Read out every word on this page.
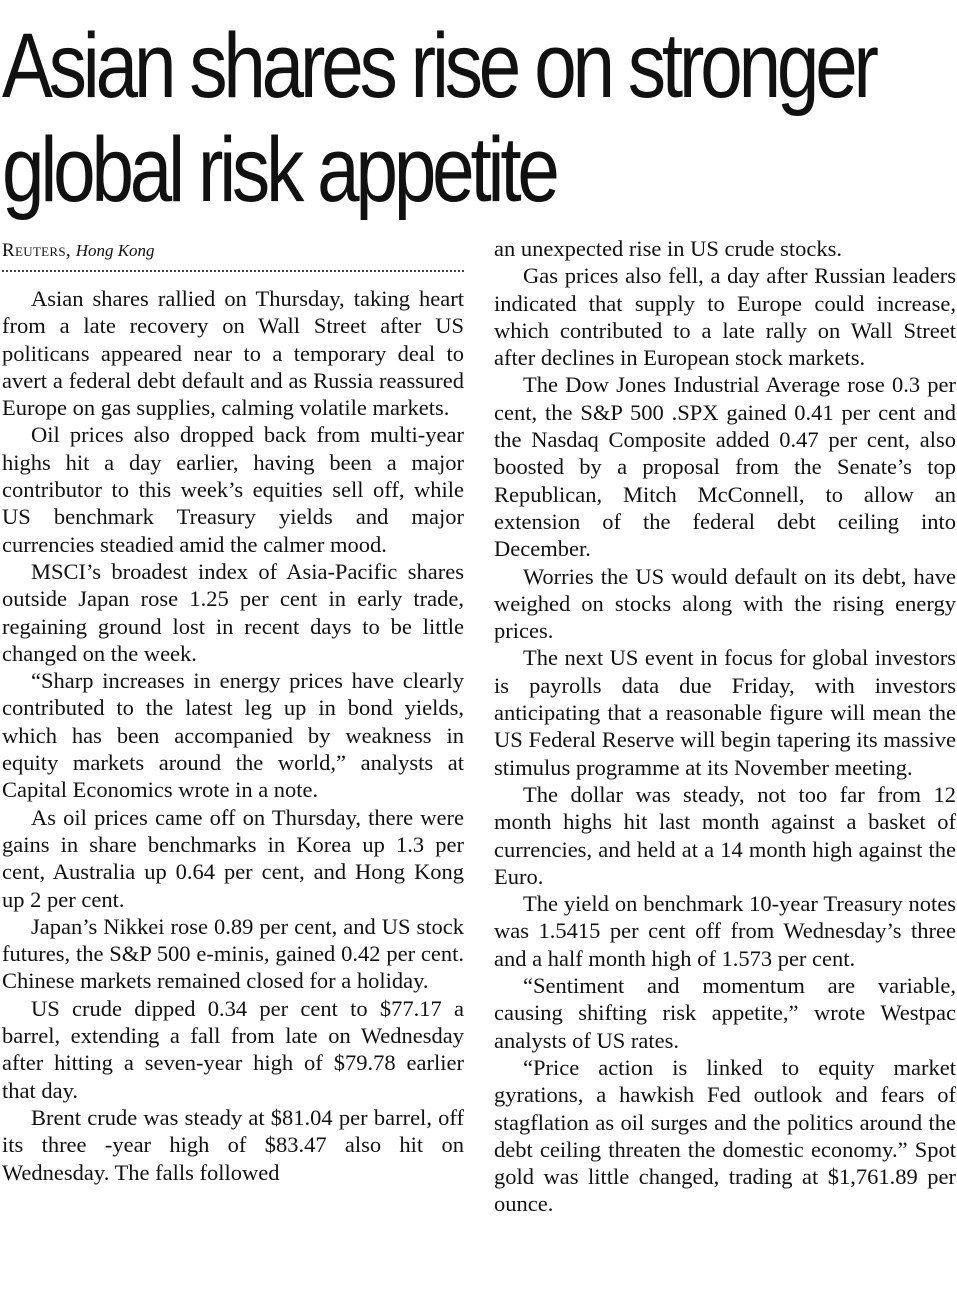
Asian shares rise on stronger
global risk appetite
Reuters, Hong Kong

Asian shares rallied on Thursday, taking heart from a late recovery on Wall Street after US politicans appeared near to a temporary deal to avert a federal debt default and as Russia reassured Europe on gas supplies, calming volatile markets.

Oil prices also dropped back from multi-year highs hit a day earlier, having been a major contributor to this week’s equities sell off, while US benchmark Treasury yields and major currencies steadied amid the calmer mood.

MSCI’s broadest index of Asia-Pacific shares outside Japan rose 1.25 per cent in early trade, regaining ground lost in recent days to be little changed on the week.

“Sharp increases in energy prices have clearly contributed to the latest leg up in bond yields, which has been accompanied by weakness in equity markets around the world,” analysts at Capital Economics wrote in a note.

As oil prices came off on Thursday, there were gains in share benchmarks in Korea up 1.3 per cent, Australia up 0.64 per cent, and Hong Kong up 2 per cent.

Japan’s Nikkei rose 0.89 per cent, and US stock futures, the S&P 500 e-minis, gained 0.42 per cent. Chinese markets remained closed for a holiday.

US crude dipped 0.34 per cent to $77.17 a barrel, extending a fall from late on Wednesday after hitting a seven-year high of $79.78 earlier that day.

Brent crude was steady at $81.04 per barrel, off its three -year high of $83.47 also hit on Wednesday. The falls followed

an unexpected rise in US crude stocks.

Gas prices also fell, a day after Russian leaders indicated that supply to Europe could increase, which contributed to a late rally on Wall Street after declines in European stock markets.

The Dow Jones Industrial Average rose 0.3 per cent, the S&P 500 .SPX gained 0.41 per cent and the Nasdaq Composite added 0.47 per cent, also boosted by a proposal from the Senate’s top Republican, Mitch McConnell, to allow an extension of the federal debt ceiling into December.

Worries the US would default on its debt, have weighed on stocks along with the rising energy prices.

The next US event in focus for global investors is payrolls data due Friday, with investors anticipating that a reasonable figure will mean the US Federal Reserve will begin tapering its massive stimulus programme at its November meeting.

The dollar was steady, not too far from 12 month highs hit last month against a basket of currencies, and held at a 14 month high against the Euro.

The yield on benchmark 10-year Treasury notes was 1.5415 per cent off from Wednesday’s three and a half month high of 1.573 per cent.

“Sentiment and momentum are variable, causing shifting risk appetite,” wrote Westpac analysts of US rates.

“Price action is linked to equity market gyrations, a hawkish Fed outlook and fears of stagflation as oil surges and the politics around the debt ceiling threaten the domestic economy.” Spot gold was little changed, trading at $1,761.89 per ounce.
